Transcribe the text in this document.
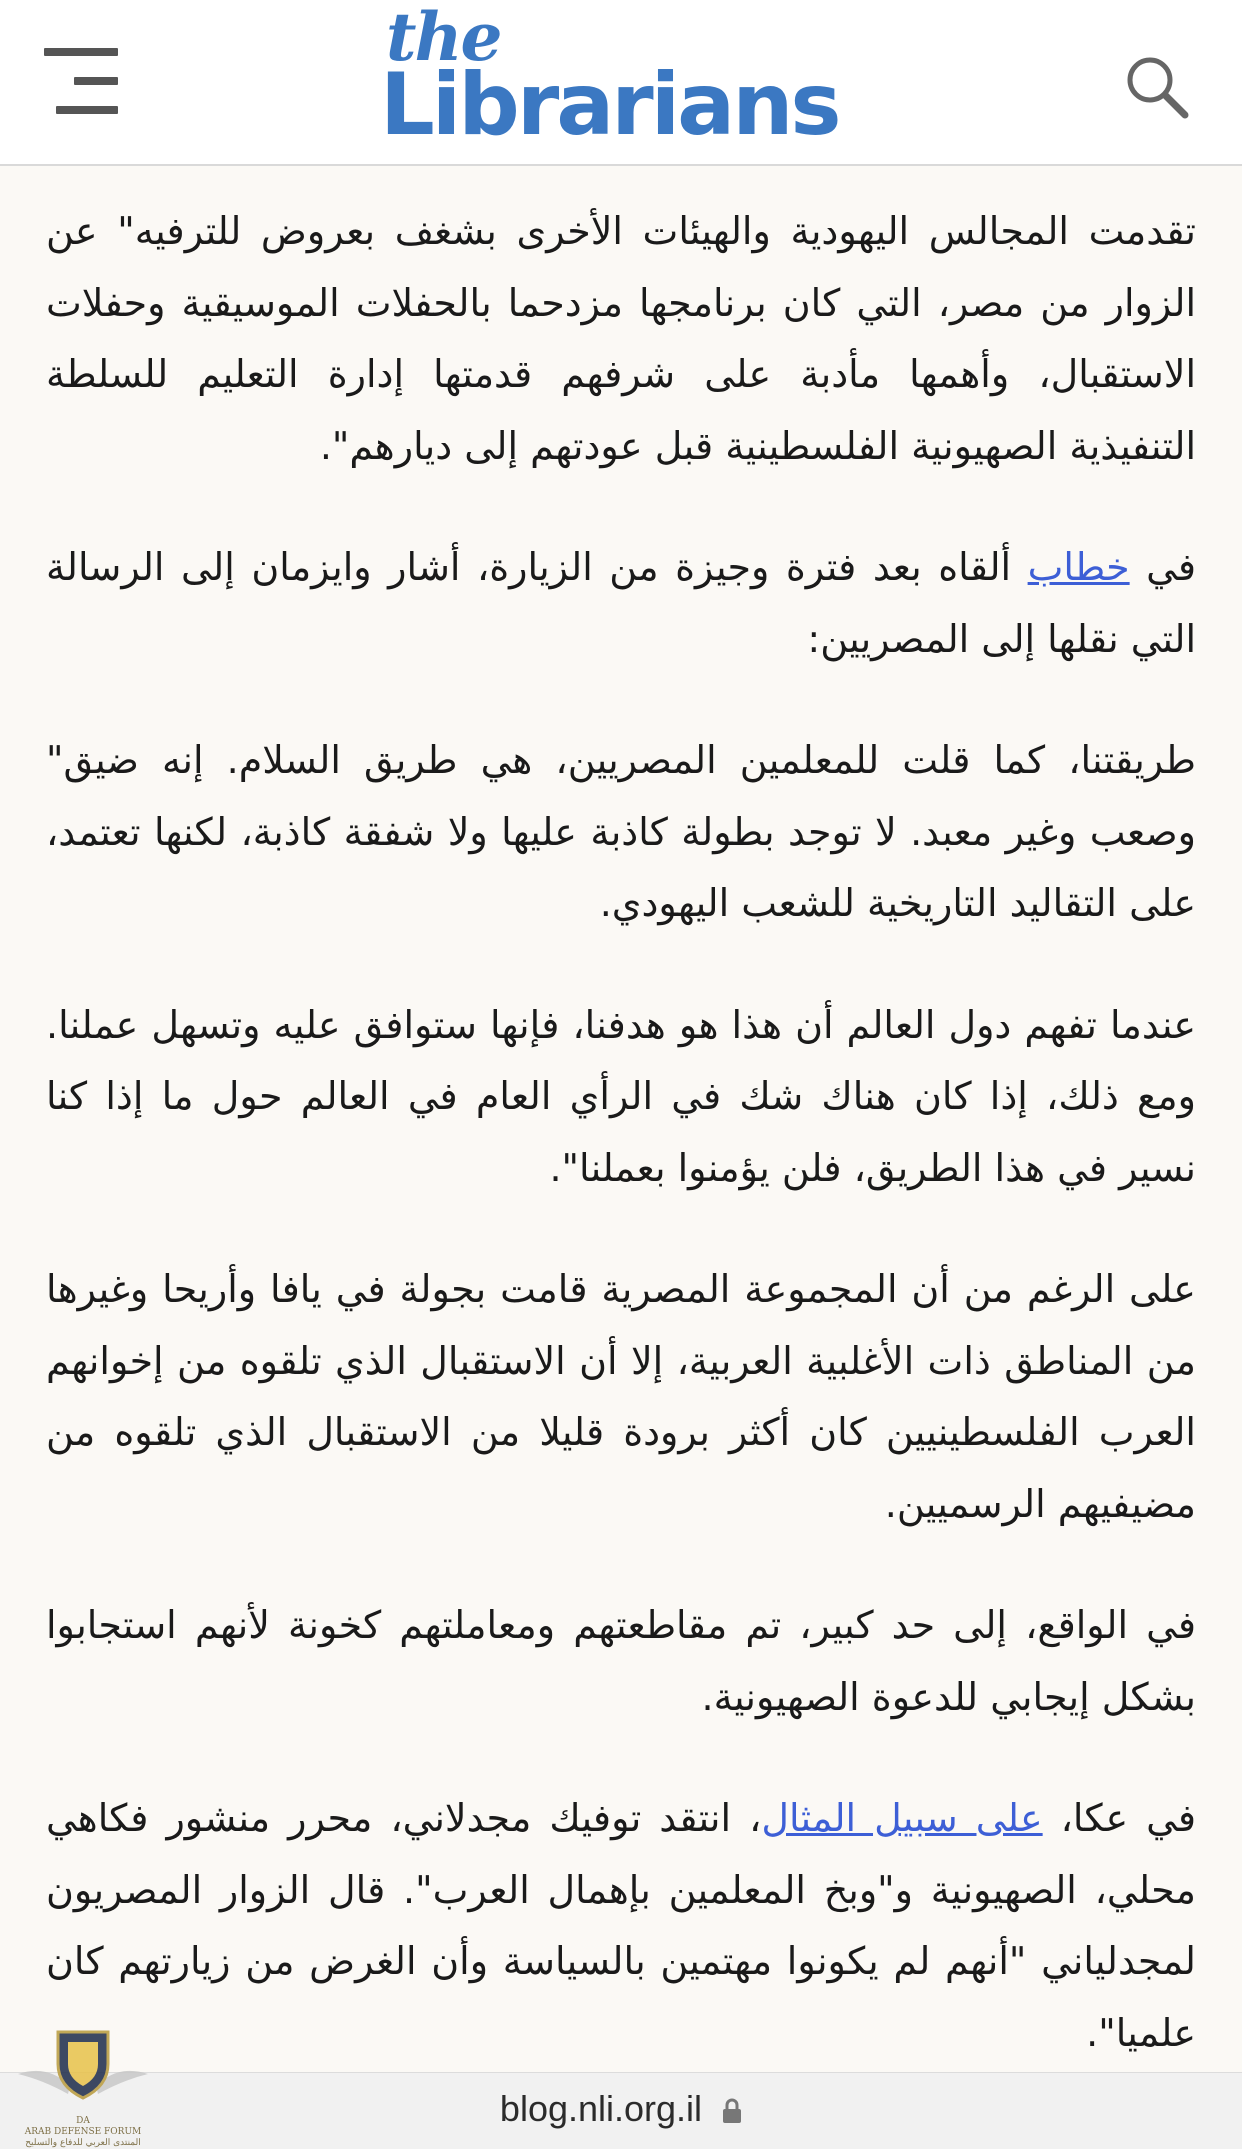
the
Librarians

تقدمت المجالس اليهودية والهيئات الأخرى بشغف بعروض للترفيه" عن الزوار من مصر، التي كان برنامجها مزدحما بالحفلات الموسيقية وحفلات الاستقبال، وأهمها مأدبة على شرفهم قدمتها إدارة التعليم للسلطة التنفيذية الصهيونية الفلسطينية قبل عودتهم إلى ديارهم".

في خطاب ألقاه بعد فترة وجيزة من الزيارة، أشار وايزمان إلى الرسالة التي نقلها إلى المصريين:

طريقتنا، كما قلت للمعلمين المصريين، هي طريق السلام. إنه ضيق" وصعب وغير معبد. لا توجد بطولة كاذبة عليها ولا شفقة كاذبة، لكنها تعتمد، على التقاليد التاريخية للشعب اليهودي.

عندما تفهم دول العالم أن هذا هو هدفنا، فإنها ستوافق عليه وتسهل عملنا. ومع ذلك، إذا كان هناك شك في الرأي العام في العالم حول ما إذا كنا نسير في هذا الطريق، فلن يؤمنوا بعملنا".

على الرغم من أن المجموعة المصرية قامت بجولة في يافا وأريحا وغيرها من المناطق ذات الأغلبية العربية، إلا أن الاستقبال الذي تلقوه من إخوانهم العرب الفلسطينيين كان أكثر برودة قليلا من الاستقبال الذي تلقوه من مضيفيهم الرسميين.

في الواقع، إلى حد كبير، تم مقاطعتهم ومعاملتهم كخونة لأنهم استجابوا بشكل إيجابي للدعوة الصهيونية.

في عكا، على سبيل المثال، انتقد توفيك مجدلاني، محرر منشور فكاهي محلي، الصهيونية و"وبخ المعلمين بإهمال العرب". قال الزوار المصريون لمجدلياني "أنهم لم يكونوا مهتمين بالسياسة وأن الغرض من زيارتهم كان علميا".

blog.nli.org.il
DA
ARAB DEFENSE FORUM
المنتدى العربي للدفاع والتسليح
